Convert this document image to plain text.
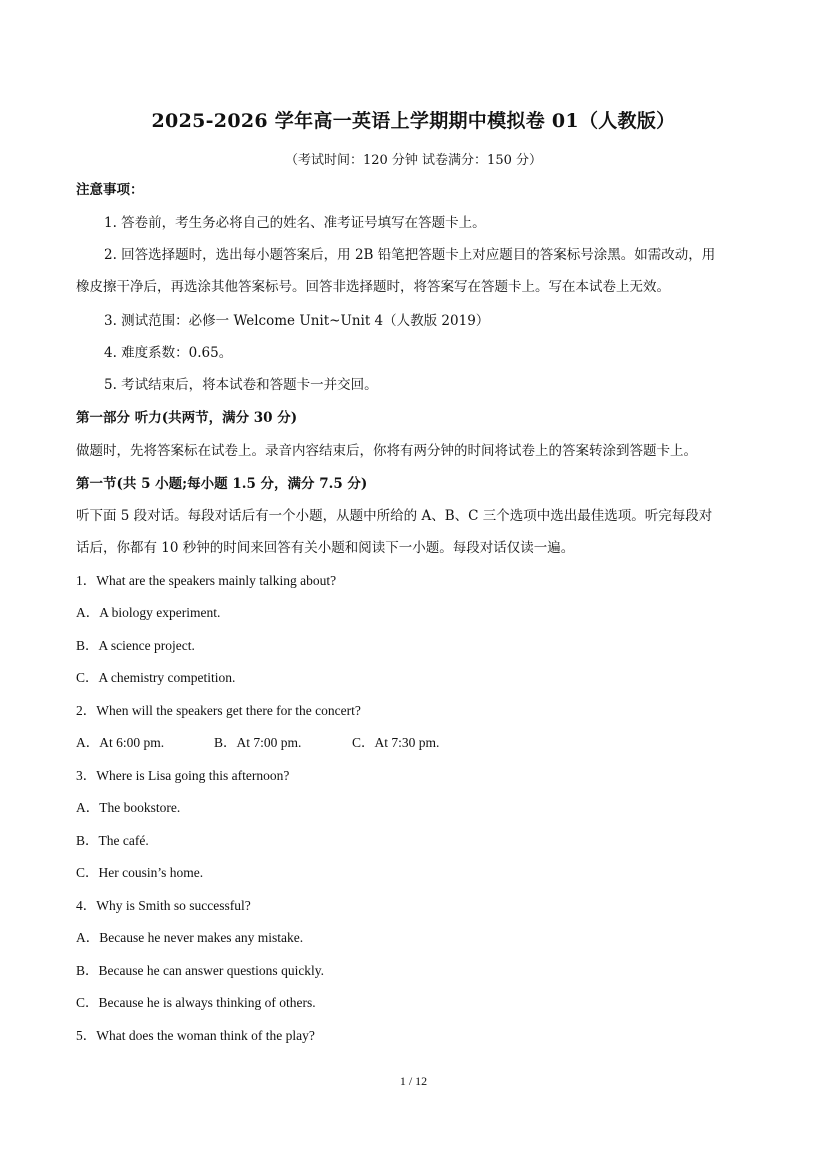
2025-2026 学年高一英语上学期期中模拟卷 01（人教版）
（考试时间：120 分钟 试卷满分：150 分）
注意事项：
1. 答卷前，考生务必将自己的姓名、准考证号填写在答题卡上。
2. 回答选择题时，选出每小题答案后，用 2B 铅笔把答题卡上对应题目的答案标号涂黑。如需改动，用
橡皮擦干净后，再选涂其他答案标号。回答非选择题时，将答案写在答题卡上。写在本试卷上无效。
3. 测试范围：必修一 Welcome Unit~Unit 4（人教版 2019）
4. 难度系数：0.65。
5. 考试结束后，将本试卷和答题卡一并交回。
第一部分 听力(共两节，满分 30 分)
做题时，先将答案标在试卷上。录音内容结束后，你将有两分钟的时间将试卷上的答案转涂到答题卡上。
第一节(共 5 小题;每小题 1.5 分，满分 7.5 分)
听下面 5 段对话。每段对话后有一个小题，从题中所给的 A、B、C 三个选项中选出最佳选项。听完每段对
话后，你都有 10 秒钟的时间来回答有关小题和阅读下一小题。每段对话仅读一遍。
1．What are the speakers mainly talking about?
A．A biology experiment.
B．A science project.
C．A chemistry competition.
2．When will the speakers get there for the concert?
A．At 6:00 pm.	B．At 7:00 pm.	C．At 7:30 pm.
3．Where is Lisa going this afternoon?
A．The bookstore.
B．The café.
C．Her cousin’s home.
4．Why is Smith so successful?
A．Because he never makes any mistake.
B．Because he can answer questions quickly.
C．Because he is always thinking of others.
5．What does the woman think of the play?
1 / 12
